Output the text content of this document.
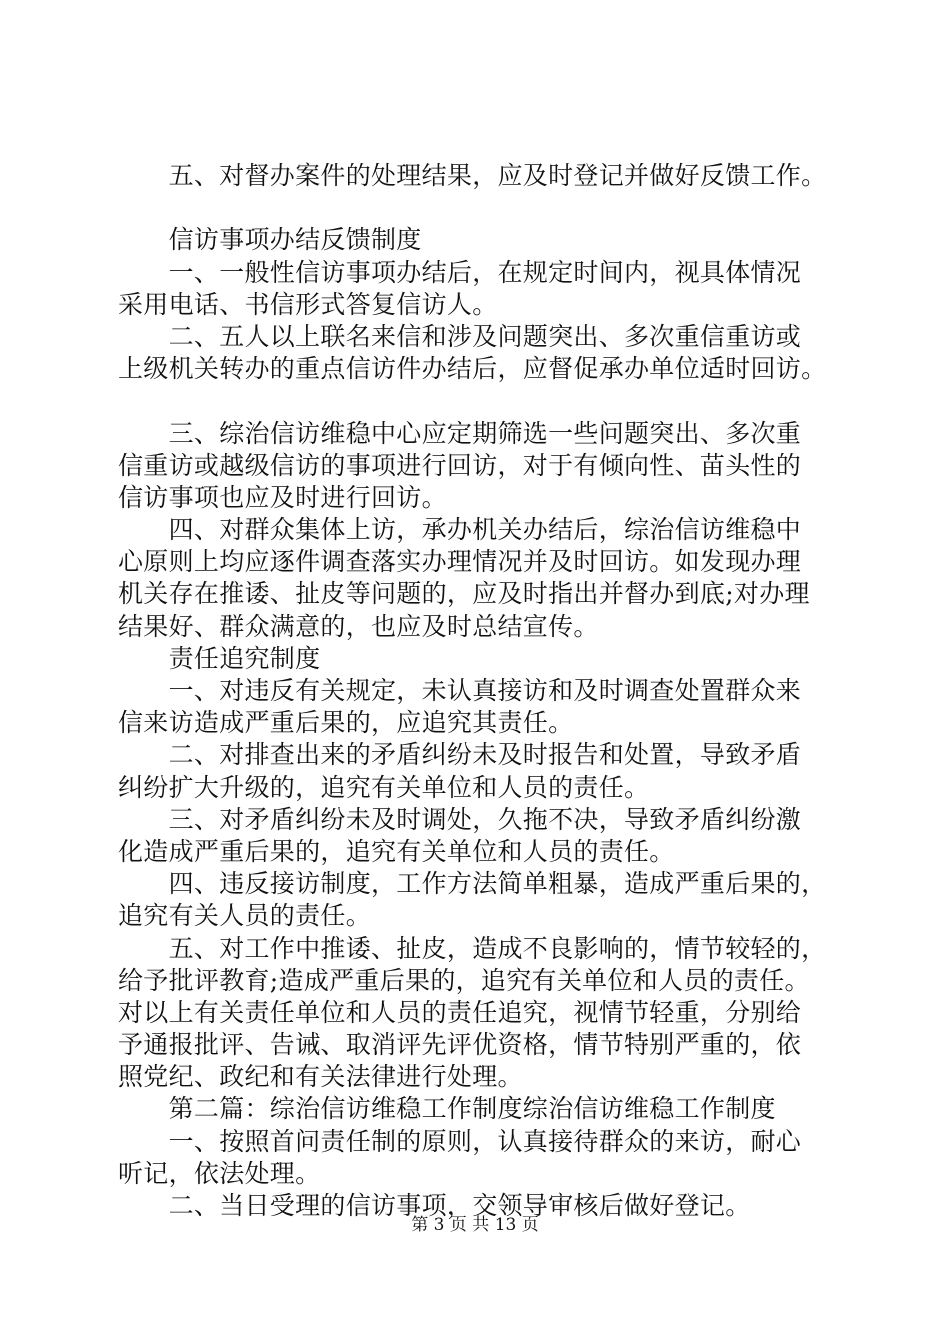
　　五、对督办案件的处理结果，应及时登记并做好反馈工作。
　　信访事项办结反馈制度
　　一、一般性信访事项办结后，在规定时间内，视具体情况
采用电话、书信形式答复信访人。
　　二、五人以上联名来信和涉及问题突出、多次重信重访或
上级机关转办的重点信访件办结后，应督促承办单位适时回访。
　　三、综治信访维稳中心应定期筛选一些问题突出、多次重
信重访或越级信访的事项进行回访，对于有倾向性、苗头性的
信访事项也应及时进行回访。
　　四、对群众集体上访，承办机关办结后，综治信访维稳中
心原则上均应逐件调查落实办理情况并及时回访。如发现办理
机关存在推诿、扯皮等问题的，应及时指出并督办到底;对办理
结果好、群众满意的，也应及时总结宣传。
　　责任追究制度
　　一、对违反有关规定，未认真接访和及时调查处置群众来
信来访造成严重后果的，应追究其责任。
　　二、对排查出来的矛盾纠纷未及时报告和处置，导致矛盾
纠纷扩大升级的，追究有关单位和人员的责任。
　　三、对矛盾纠纷未及时调处，久拖不决，导致矛盾纠纷激
化造成严重后果的，追究有关单位和人员的责任。
　　四、违反接访制度，工作方法简单粗暴，造成严重后果的，
追究有关人员的责任。
　　五、对工作中推诿、扯皮，造成不良影响的，情节较轻的，
给予批评教育;造成严重后果的，追究有关单位和人员的责任。
对以上有关责任单位和人员的责任追究，视情节轻重，分别给
予通报批评、告诫、取消评先评优资格，情节特别严重的，依
照党纪、政纪和有关法律进行处理。
　　第二篇：综治信访维稳工作制度综治信访维稳工作制度
　　一、按照首问责任制的原则，认真接待群众的来访，耐心
听记，依法处理。
　　二、当日受理的信访事项，交领导审核后做好登记。
第 3 页 共 13 页
